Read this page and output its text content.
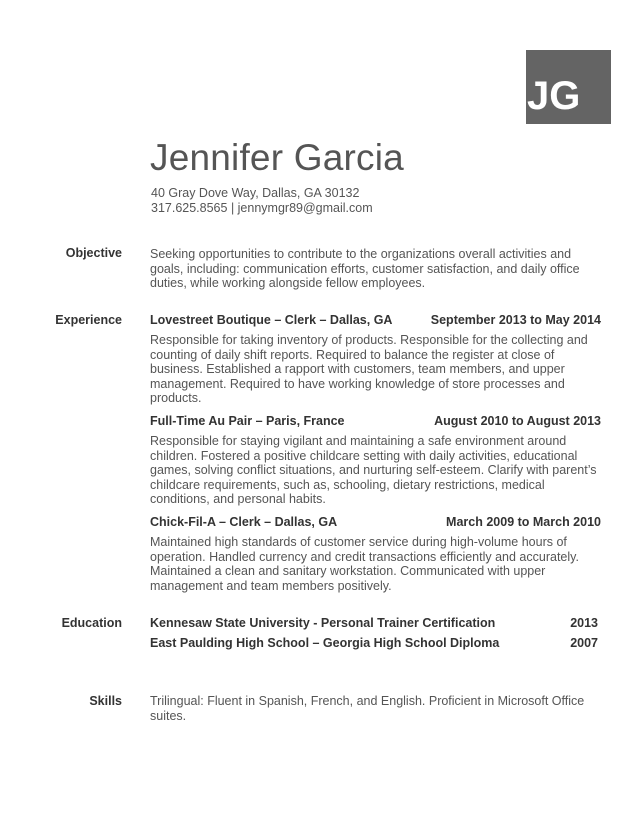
JG
Jennifer Garcia
40 Gray Dove Way, Dallas, GA 30132
317.625.8565 | jennymgr89@gmail.com
Objective Seeking opportunities to contribute to the organizations overall activities and
goals, including: communication efforts, customer satisfaction, and daily office
duties, while working alongside fellow employees.
Experience Lovestreet Boutique – Clerk – Dallas, GA	September 2013 to May 2014
Responsible for taking inventory of products. Responsible for the collecting and
counting of daily shift reports. Required to balance the register at close of
business. Established a rapport with customers, team members, and upper
management. Required to have working knowledge of store processes and
products.
Full-Time Au Pair – Paris, France	August 2010 to August 2013
Responsible for staying vigilant and maintaining a safe environment around
children. Fostered a positive childcare setting with daily activities, educational
games, solving conflict situations, and nurturing self-esteem. Clarify with parent’s
childcare requirements, such as, schooling, dietary restrictions, medical
conditions, and personal habits.
Chick-Fil-A – Clerk – Dallas, GA	March 2009 to March 2010
Maintained high standards of customer service during high-volume hours of
operation. Handled currency and credit transactions efficiently and accurately.
Maintained a clean and sanitary workstation. Communicated with upper
management and team members positively.
Education Kennesaw State University - Personal Trainer Certification	2013
East Paulding High School – Georgia High School Diploma	2007
Skills Trilingual: Fluent in Spanish, French, and English. Proficient in Microsoft Office
suites.
